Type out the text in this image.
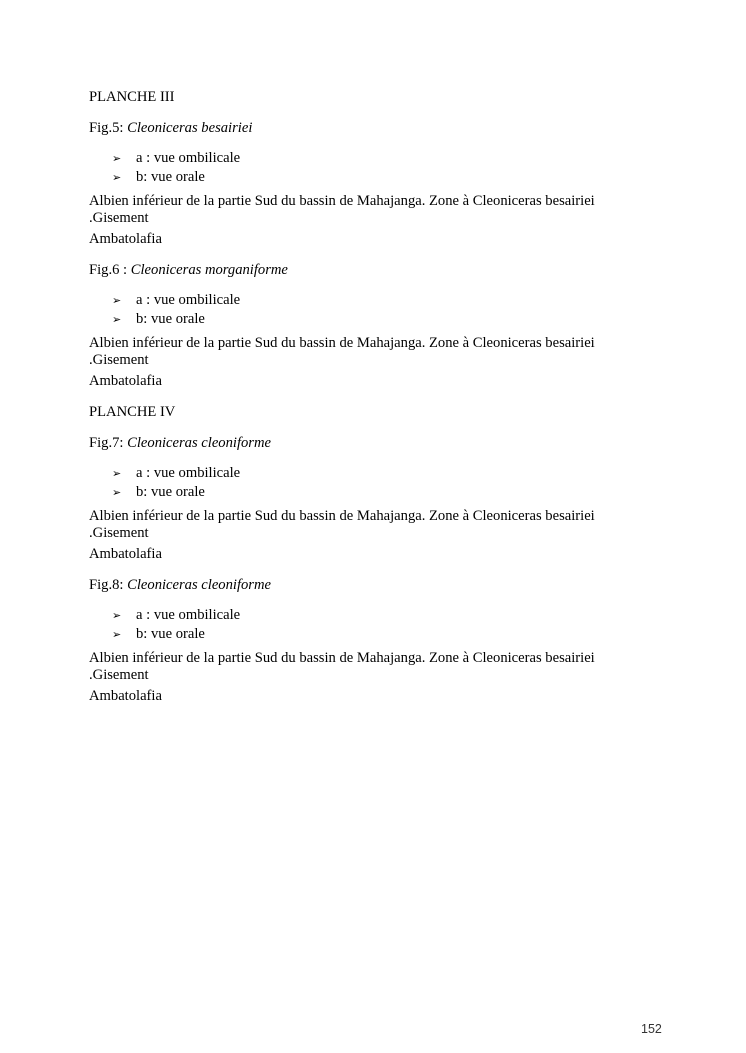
PLANCHE III

Fig.5: Cleoniceras besairiei

➢ a : vue ombilicale
➢ b: vue orale

Albien inférieur de la partie Sud du bassin de Mahajanga. Zone à Cleoniceras besairiei .Gisement

Ambatolafia

Fig.6 : Cleoniceras morganiforme

➢ a : vue ombilicale
➢ b: vue orale

Albien inférieur de la partie Sud du bassin de Mahajanga. Zone à Cleoniceras besairiei .Gisement

Ambatolafia

PLANCHE IV

Fig.7: Cleoniceras cleoniforme

➢ a : vue ombilicale
➢ b: vue orale

Albien inférieur de la partie Sud du bassin de Mahajanga. Zone à Cleoniceras besairiei .Gisement

Ambatolafia

Fig.8: Cleoniceras cleoniforme

➢ a : vue ombilicale
➢ b: vue orale

Albien inférieur de la partie Sud du bassin de Mahajanga. Zone à Cleoniceras besairiei .Gisement

Ambatolafia

152
